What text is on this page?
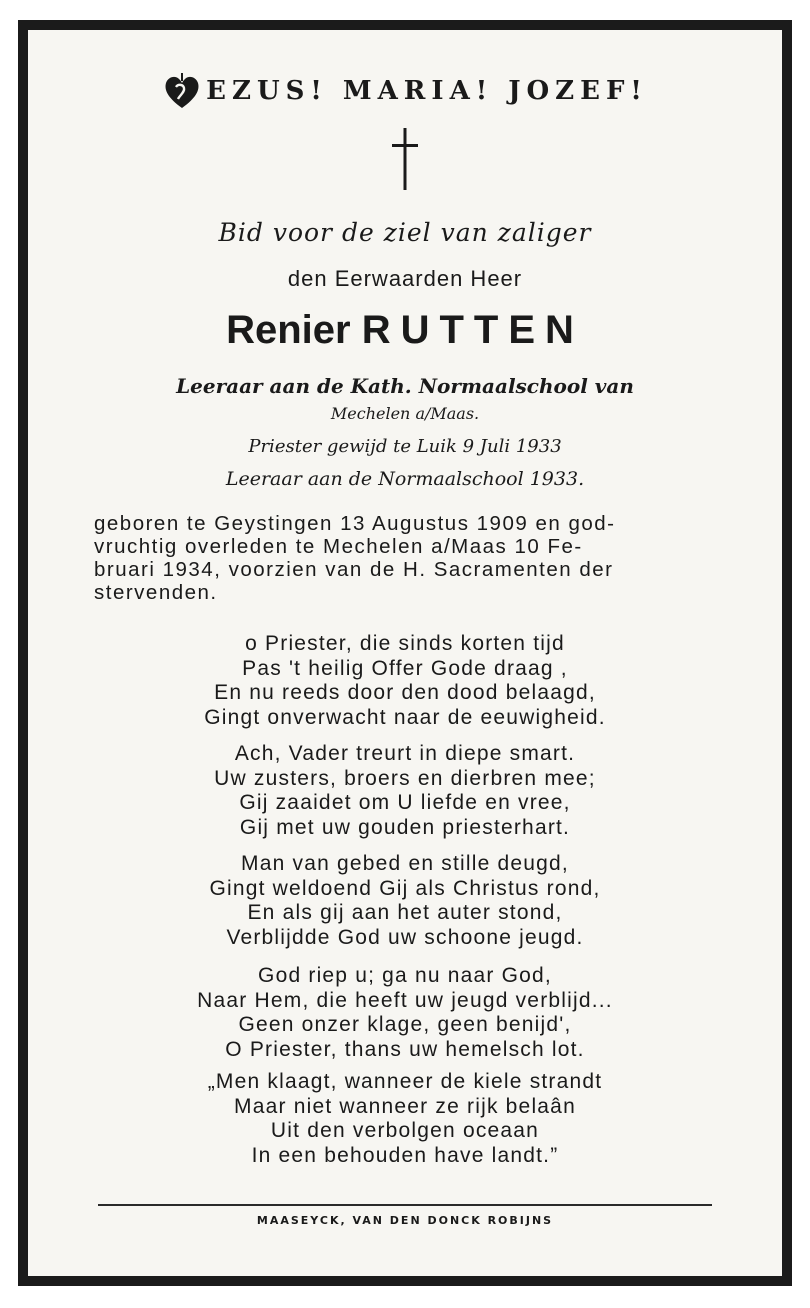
EZUS! MARIA! JOZEF!
Bid voor de ziel van zaliger
den Eerwaarden Heer
Renier RUTTEN
Leeraar aan de Kath. Normaalschool van
Mechelen a/Maas.
Priester gewijd te Luik 9 Juli 1933
Leeraar aan de Normaalschool 1933.
geboren te Geystingen 13 Augustus 1909 en god-
vruchtig overleden te Mechelen a/Maas 10 Fe-
bruari 1934, voorzien van de H. Sacramenten der
stervenden.
o Priester, die sinds korten tijd
Pas 't heilig Offer Gode draag ,
En nu reeds door den dood belaagd,
Gingt onverwacht naar de eeuwigheid.
Ach, Vader treurt in diepe smart.
Uw zusters, broers en dierbren mee;
Gij zaaidet om U liefde en vree,
Gij met uw gouden priesterhart.
Man van gebed en stille deugd,
Gingt weldoend Gij als Christus rond,
En als gij aan het auter stond,
Verblijdde God uw schoone jeugd.
God riep u; ga nu naar God,
Naar Hem, die heeft uw jeugd verblijd...
Geen onzer klage, geen benijd',
O Priester, thans uw hemelsch lot.
„Men klaagt, wanneer de kiele strandt
Maar niet wanneer ze rijk belaân
Uit den verbolgen oceaan
In een behouden have landt.”
MAASEYCK, VAN DEN DONCK ROBIJNS
